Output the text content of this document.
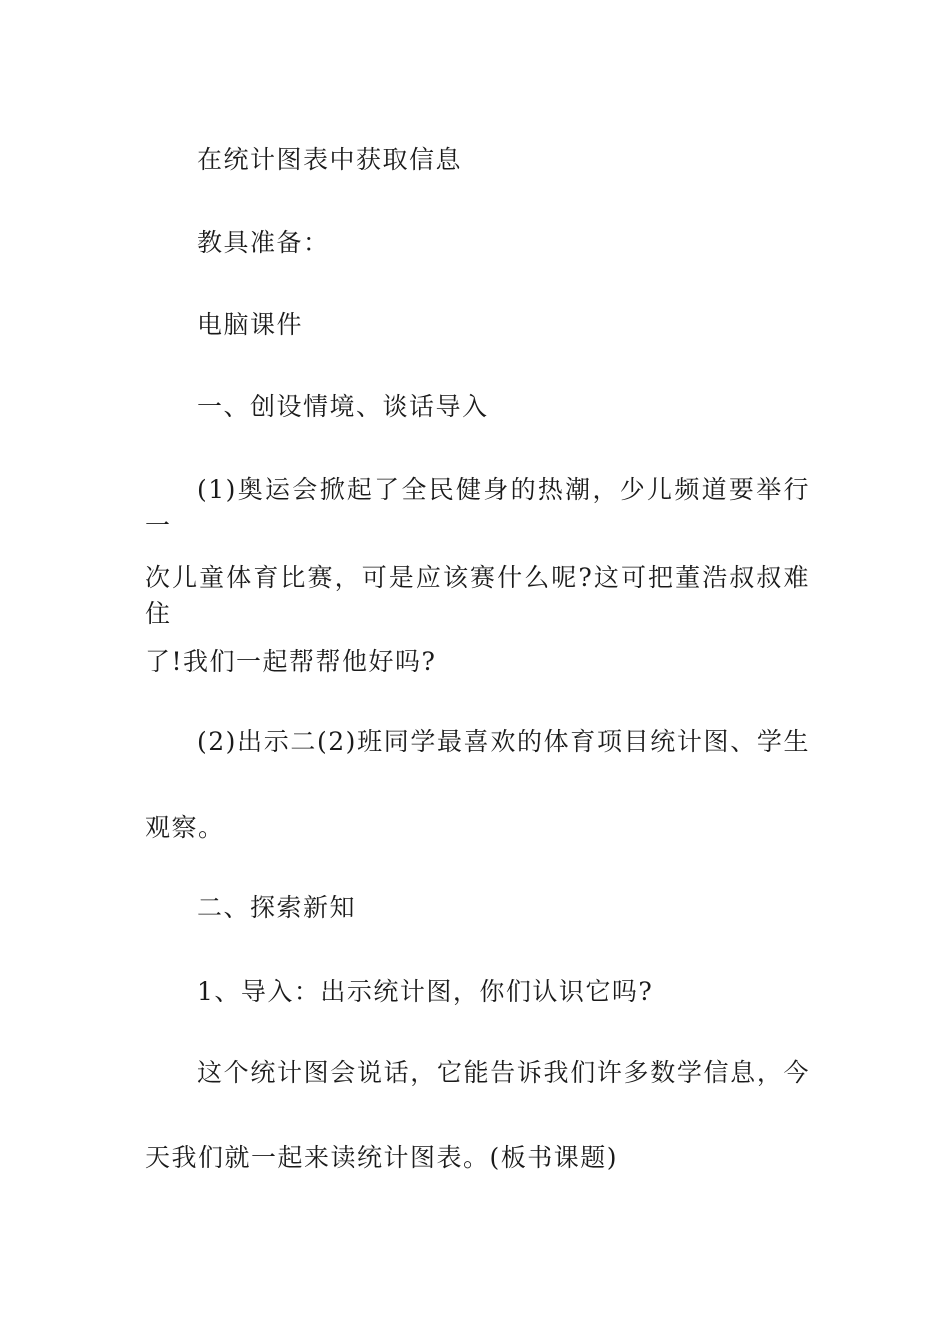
在统计图表中获取信息
教具准备：
电脑课件
一、创设情境、谈话导入
(1)奥运会掀起了全民健身的热潮，少儿频道要举行一
次儿童体育比赛，可是应该赛什么呢?这可把董浩叔叔难住
了!我们一起帮帮他好吗?
(2)出示二(2)班同学最喜欢的体育项目统计图、学生
观察。
二、探索新知
1、导入：出示统计图，你们认识它吗?
这个统计图会说话，它能告诉我们许多数学信息，今
天我们就一起来读统计图表。(板书课题)
